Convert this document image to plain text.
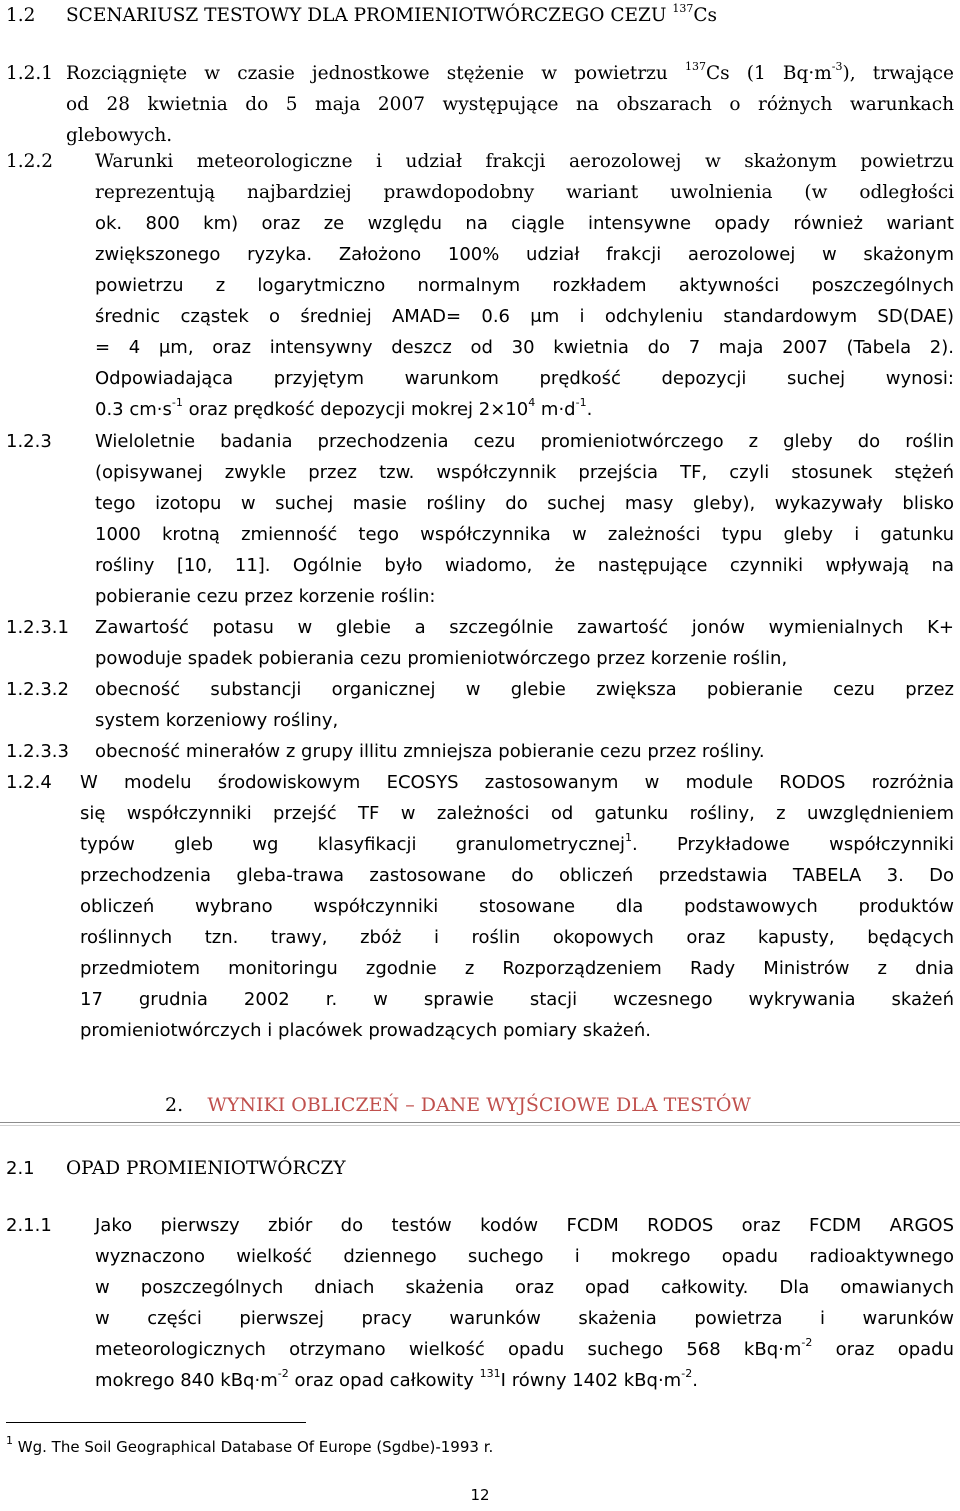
1.2 SCENARIUSZ TESTOWY DLA PROMIENIOTWÓRCZEGO CEZU $^{137}$Cs
1.2.1 Rozciągnięte w czasie jednostkowe stężenie w powietrzu $^{137}$Cs (1 $Bq\cdot m^{-3}$), trwające
od 28 kwietnia do 5 maja 2007 występujące na obszarach o różnych warunkach
glebowych.
1.2.2 Warunki meteorologiczne i udział frakcji aerozolowej w skażonym powietrzu
reprezentują najbardziej prawdopodobny wariant uwolnienia (w odległości
ok. 800 km) oraz ze względu na ciągle intensywne opady również wariant
zwiększonego ryzyka. Założono 100% udział frakcji aerozolowej w skażonym
powietrzu z logarytmiczno normalnym rozkładem aktywności poszczególnych
średnic cząstek o średniej AMAD= 0.6 μm i odchyleniu standardowym SD(DAE)
= 4 μm, oraz intensywny deszcz od 30 kwietnia do 7 maja 2007 (Tabela 2).
Odpowiadająca przyjętym warunkom prędkość depozycji suchej wynosi:
0.3 $cm\cdot s^{-1}$ oraz prędkość depozycji mokrej $2\times 10^4$ $m\cdot d^{-1}$.
1.2.3 Wieloletnie badania przechodzenia cezu promieniotwórczego z gleby do roślin
(opisywanej zwykle przez tzw. współczynnik przejścia TF, czyli stosunek stężeń
tego izotopu w suchej masie rośliny do suchej masy gleby), wykazywały blisko
1000 krotną zmienność tego współczynnika w zależności typu gleby i gatunku
rośliny [10, 11]. Ogólnie było wiadomo, że następujące czynniki wpływają na
pobieranie cezu przez korzenie roślin:
1.2.3.1 Zawartość potasu w glebie a szczególnie zawartość jonów wymienialnych K+
powoduje spadek pobierania cezu promieniotwórczego przez korzenie roślin,
1.2.3.2 obecność substancji organicznej w glebie zwiększa pobieranie cezu przez
system korzeniowy rośliny,
1.2.3.3 obecność minerałów z grupy illitu zmniejsza pobieranie cezu przez rośliny.
1.2.4 W modelu środowiskowym ECOSYS zastosowanym w module RODOS rozróżnia
się współczynniki przejść TF w zależności od gatunku rośliny, z uwzględnieniem
typów gleb wg klasyfikacji granulometrycznej$^1$. Przykładowe współczynniki
przechodzenia gleba-trawa zastosowane do obliczeń przedstawia TABELA 3. Do
obliczeń wybrano współczynniki stosowane dla podstawowych produktów
roślinnych tzn. trawy, zbóż i roślin okopowych oraz kapusty, będących
przedmiotem monitoringu zgodnie z Rozporządzeniem Rady Ministrów z dnia
17 grudnia 2002 r. w sprawie stacji wczesnego wykrywania skażeń
promieniotwórczych i placówek prowadzących pomiary skażeń.
2. WYNIKI OBLICZEŃ – DANE WYJŚCIOWE DLA TESTÓW
2.1 OPAD PROMIENIOTWÓRCZY
2.1.1 Jako pierwszy zbiór do testów kodów FCDM RODOS oraz FCDM ARGOS
wyznaczono wielkość dziennego suchego i mokrego opadu radioaktywnego
w poszczególnych dniach skażenia oraz opad całkowity. Dla omawianych
w części pierwszej pracy warunków skażenia powietrza i warunków
meteorologicznych otrzymano wielkość opadu suchego 568 $kBq\cdot m^{-2}$ oraz opadu
mokrego 840 $kBq\cdot m^{-2}$ oraz opad całkowity $^{131}$I równy 1402 $kBq\cdot m^{-2}$.
$^1$ Wg. The Soil Geographical Database Of Europe (Sgdbe)-1993 r.
12
